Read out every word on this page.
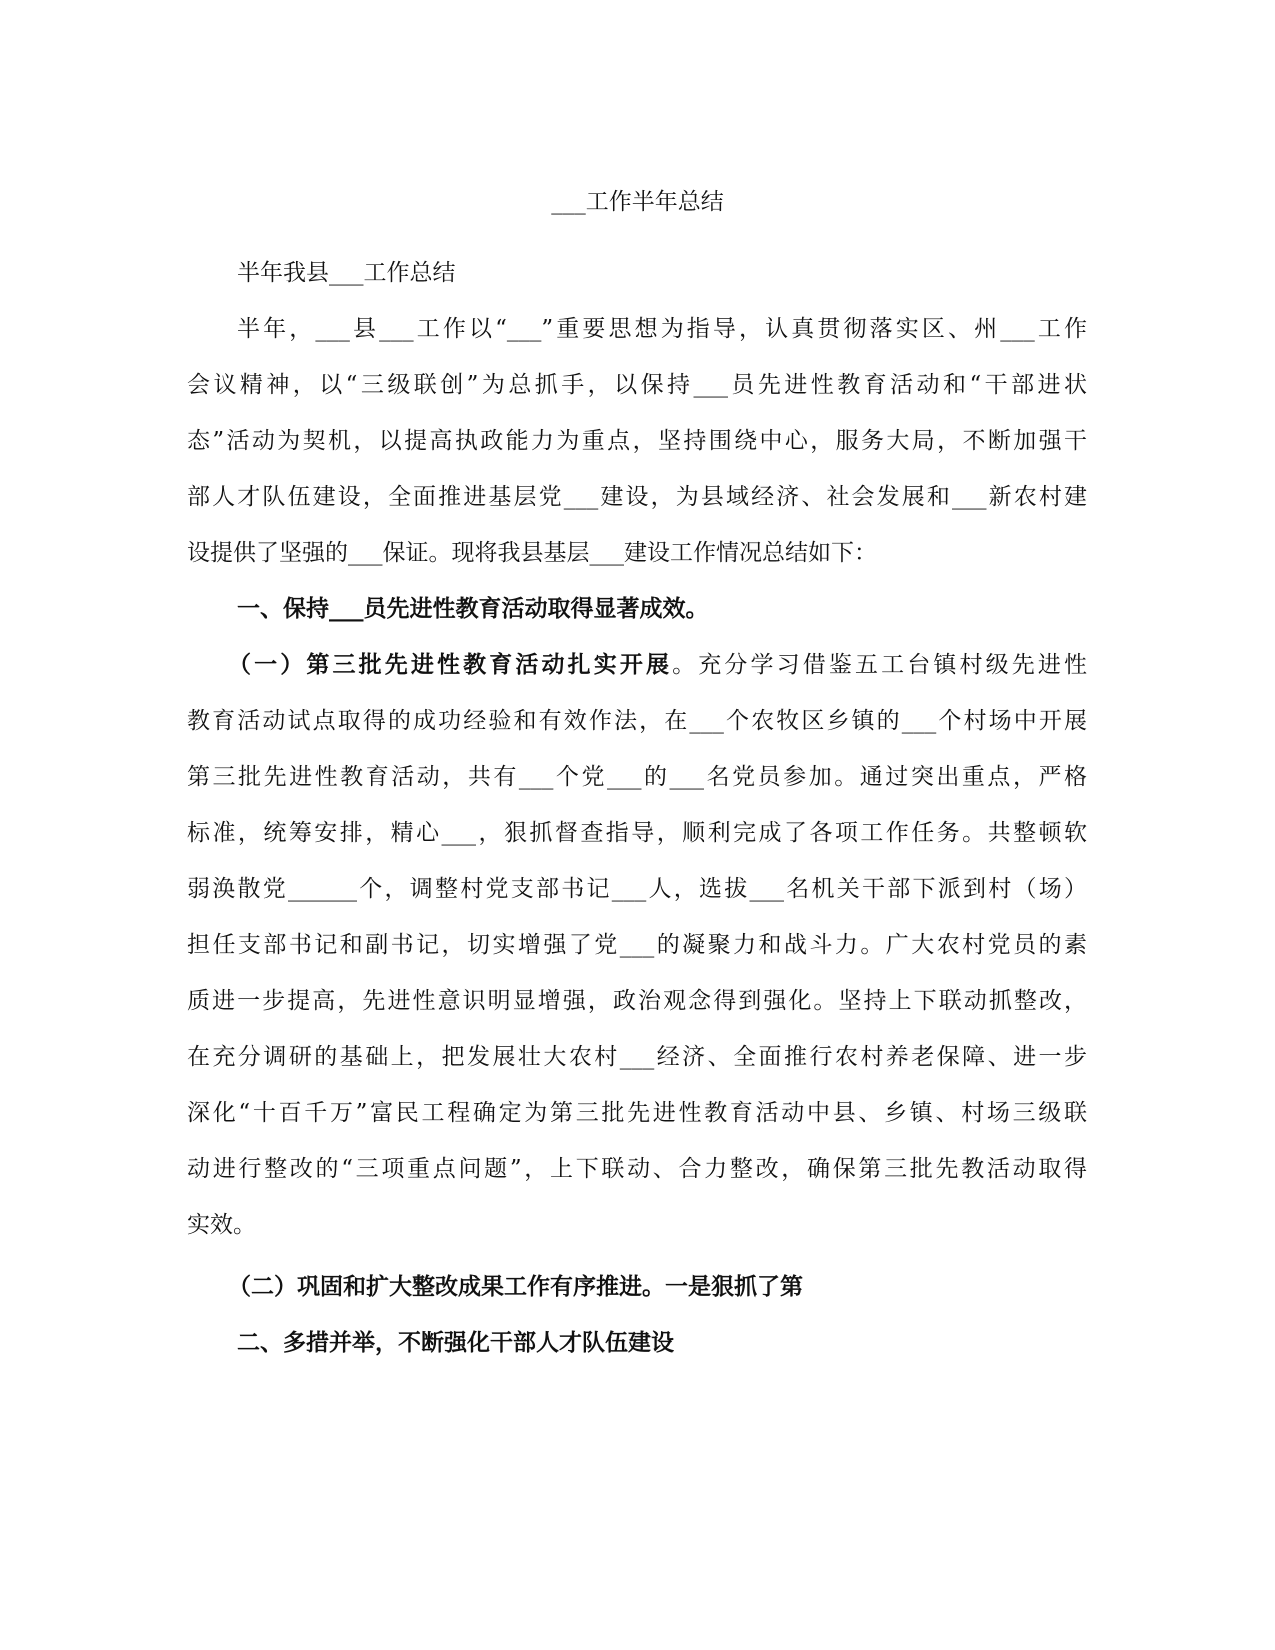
___工作半年总结
半年我县___工作总结
半年，___县___工作以“___”重要思想为指导，认真贯彻落实区、州___工作
会议精神，以“三级联创”为总抓手，以保持___员先进性教育活动和“干部进状
态”活动为契机，以提高执政能力为重点，坚持围绕中心，服务大局，不断加强干
部人才队伍建设，全面推进基层党___建设，为县域经济、社会发展和___新农村建
设提供了坚强的___保证。现将我县基层___建设工作情况总结如下：
一、保持___员先进性教育活动取得显著成效。
（一）第三批先进性教育活动扎实开展。充分学习借鉴五工台镇村级先进性
教育活动试点取得的成功经验和有效作法，在___个农牧区乡镇的___个村场中开展
第三批先进性教育活动，共有___个党___的___名党员参加。通过突出重点，严格
标准，统筹安排，精心___，狠抓督查指导，顺利完成了各项工作任务。共整顿软
弱涣散党______个，调整村党支部书记___人，选拔___名机关干部下派到村（场）
担任支部书记和副书记，切实增强了党___的凝聚力和战斗力。广大农村党员的素
质进一步提高，先进性意识明显增强，政治观念得到强化。坚持上下联动抓整改，
在充分调研的基础上，把发展壮大农村___经济、全面推行农村养老保障、进一步
深化“十百千万”富民工程确定为第三批先进性教育活动中县、乡镇、村场三级联
动进行整改的“三项重点问题”，上下联动、合力整改，确保第三批先教活动取得
实效。
（二）巩固和扩大整改成果工作有序推进。一是狠抓了第
二、多措并举，不断强化干部人才队伍建设
